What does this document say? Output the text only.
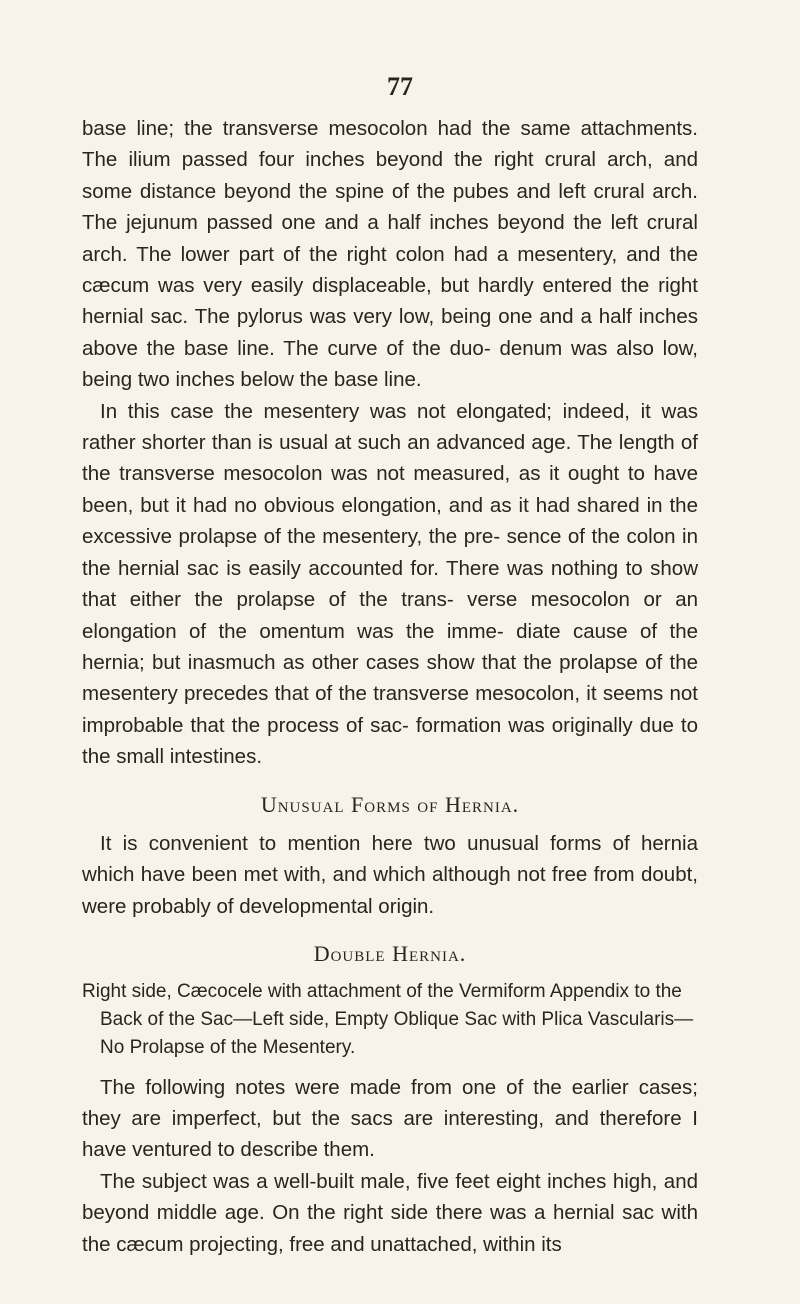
77

base line; the transverse mesocolon had the same attachments. The ilium passed four inches beyond the right crural arch, and some distance beyond the spine of the pubes and left crural arch. The jejunum passed one and a half inches beyond the left crural arch. The lower part of the right colon had a mesentery, and the cæcum was very easily displaceable, but hardly entered the right hernial sac. The pylorus was very low, being one and a half inches above the base line. The curve of the duo- denum was also low, being two inches below the base line.

In this case the mesentery was not elongated; indeed, it was rather shorter than is usual at such an advanced age. The length of the transverse mesocolon was not measured, as it ought to have been, but it had no obvious elongation, and as it had shared in the excessive prolapse of the mesentery, the pre- sence of the colon in the hernial sac is easily accounted for. There was nothing to show that either the prolapse of the trans- verse mesocolon or an elongation of the omentum was the imme- diate cause of the hernia; but inasmuch as other cases show that the prolapse of the mesentery precedes that of the transverse mesocolon, it seems not improbable that the process of sac- formation was originally due to the small intestines.

Unusual Forms of Hernia.

It is convenient to mention here two unusual forms of hernia which have been met with, and which although not free from doubt, were probably of developmental origin.

Double Hernia.

Right side, Cæcocele with attachment of the Vermiform Appendix to the Back of the Sac—Left side, Empty Oblique Sac with Plica Vascularis—No Prolapse of the Mesentery.

The following notes were made from one of the earlier cases; they are imperfect, but the sacs are interesting, and therefore I have ventured to describe them.

The subject was a well-built male, five feet eight inches high, and beyond middle age. On the right side there was a hernial sac with the cæcum projecting, free and unattached, within its
